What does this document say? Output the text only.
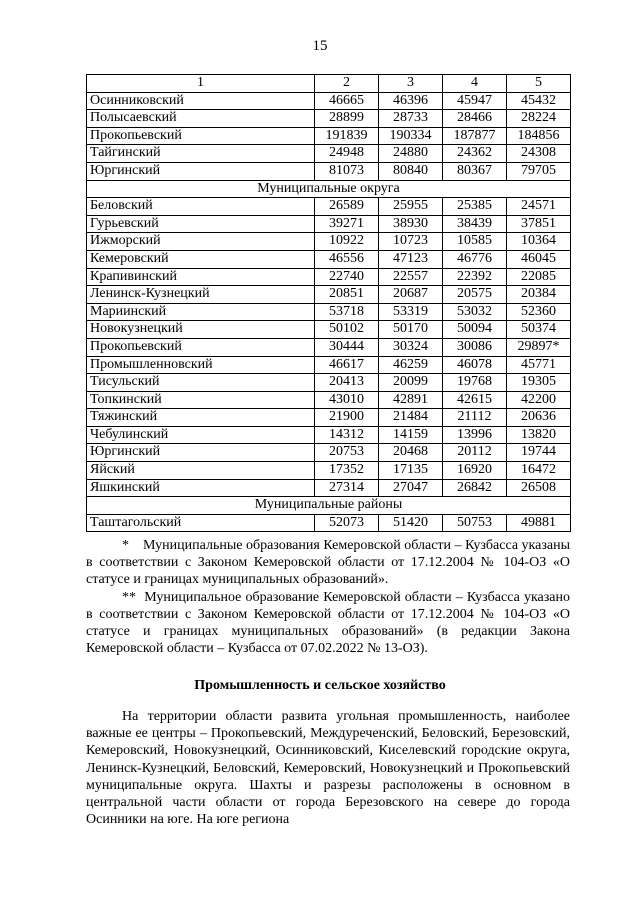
15
1	2	3	4	5
Осинниковский	46665	46396	45947	45432
Полысаевский	28899	28733	28466	28224
Прокопьевский	191839	190334	187877	184856
Тайгинский	24948	24880	24362	24308
Юргинский	81073	80840	80367	79705
Муниципальные округа				
Беловский	26589	25955	25385	24571
Гурьевский	39271	38930	38439	37851
Ижморский	10922	10723	10585	10364
Кемеровский	46556	47123	46776	46045
Крапивинский	22740	22557	22392	22085
Ленинск-Кузнецкий	20851	20687	20575	20384
Мариинский	53718	53319	53032	52360
Новокузнецкий	50102	50170	50094	50374
Прокопьевский	30444	30324	30086	29897*
Промышленновский	46617	46259	46078	45771
Тисульский	20413	20099	19768	19305
Топкинский	43010	42891	42615	42200
Тяжинский	21900	21484	21112	20636
Чебулинский	14312	14159	13996	13820
Юргинский	20753	20468	20112	19744
Яйский	17352	17135	16920	16472
Яшкинский	27314	27047	26842	26508
Муниципальные районы				
Таштагольский	52073	51420	50753	49881

*    Муниципальные образования Кемеровской области – Кузбасса указаны в соответствии с Законом Кемеровской области от 17.12.2004 № 104-ОЗ «О статусе и границах муниципальных образований».

**  Муниципальное образование Кемеровской области – Кузбасса указано в соответствии с Законом Кемеровской области от 17.12.2004 № 104-ОЗ «О статусе и границах муниципальных образований» (в редакции Закона Кемеровской области – Кузбасса от 07.02.2022 № 13-ОЗ).

Промышленность и сельское хозяйство

На территории области развита угольная промышленность, наиболее важные ее центры – Прокопьевский, Междуреченский, Беловский, Березовский, Кемеровский, Новокузнецкий, Осинниковский, Киселевский городские округа, Ленинск-Кузнецкий, Беловский, Кемеровский, Новокузнецкий и Прокопьевский муниципальные округа. Шахты и разрезы расположены в основном в центральной части области от города Березовского на севере до города Осинники на юге. На юге региона
